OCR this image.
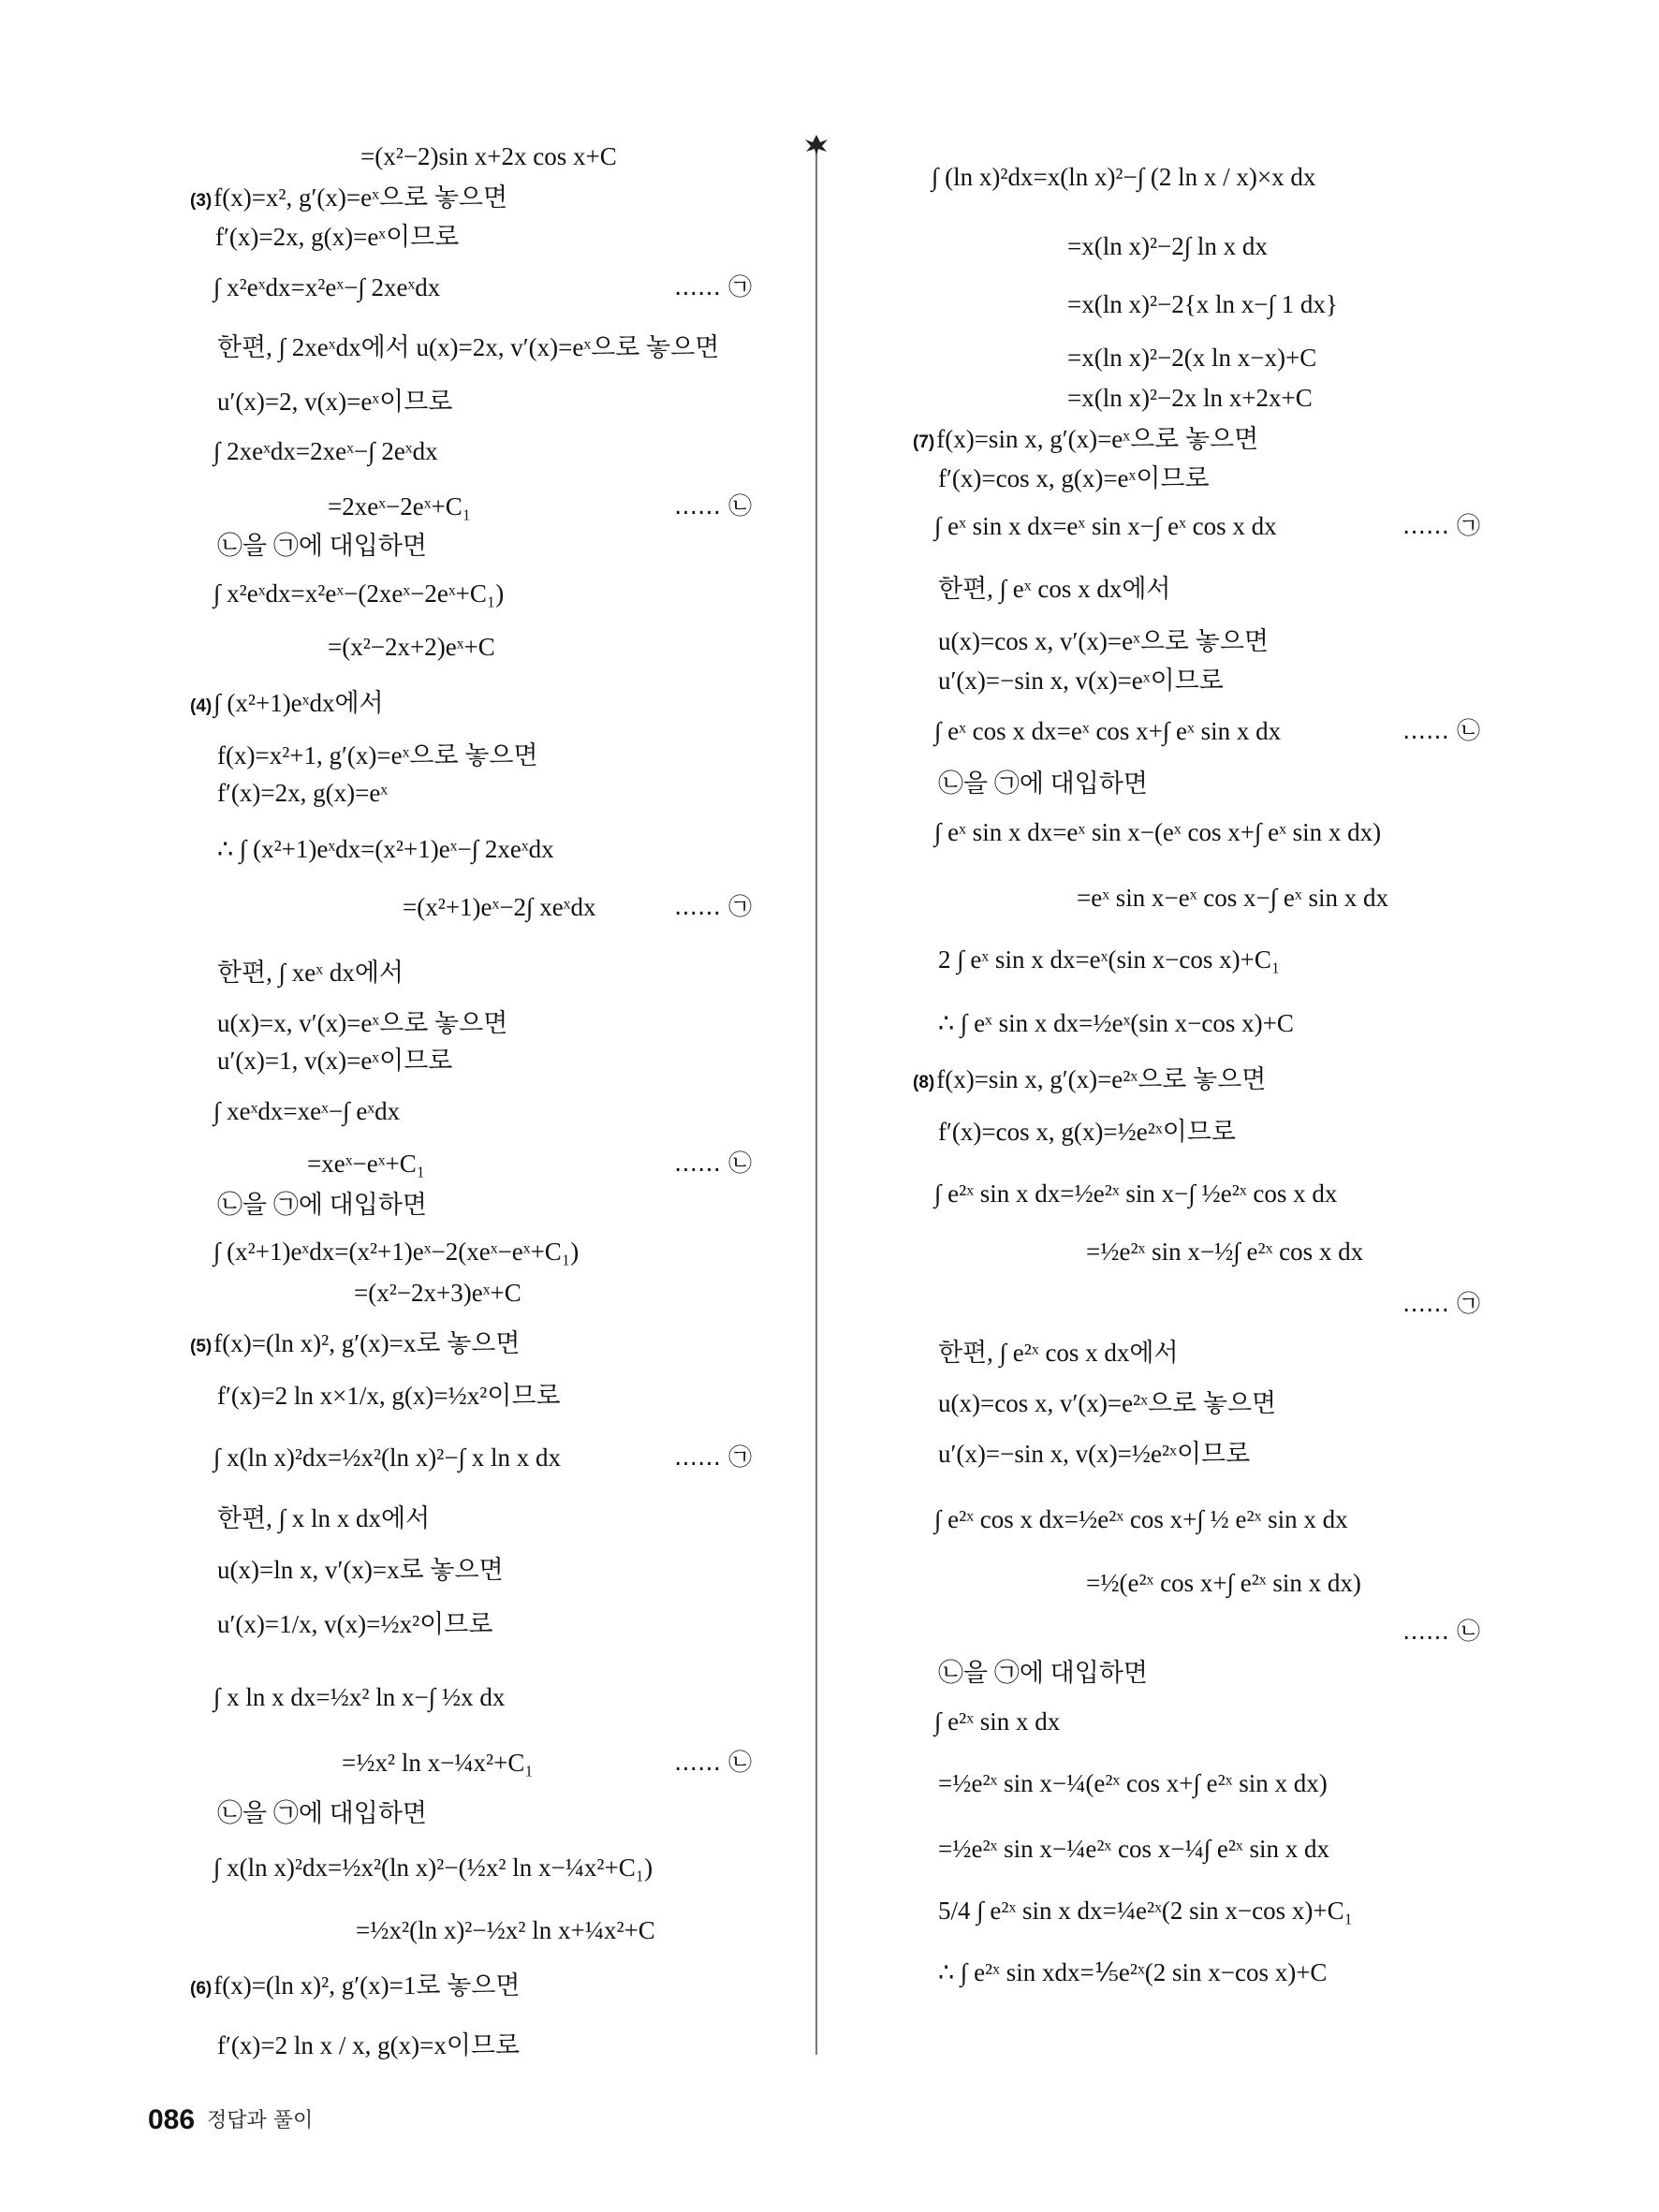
=(x²−2)sin x+2x cos x+C
(3)f(x)=x², g′(x)=eˣ으로 놓으면
f′(x)=2x, g(x)=eˣ이므로
∫ x²eˣdx=x²eˣ−∫ 2xeˣdx	…… ㉠
한편, ∫ 2xeˣdx에서 u(x)=2x, v′(x)=eˣ으로 놓으면
u′(x)=2, v(x)=eˣ이므로
∫ 2xeˣdx=2xeˣ−∫ 2eˣdx
=2xeˣ−2eˣ+C₁	…… ㉡
㉡을 ㉠에 대입하면
∫ x²eˣdx=x²eˣ−(2xeˣ−2eˣ+C₁)
=(x²−2x+2)eˣ+C
(4)∫ (x²+1)eˣdx에서
f(x)=x²+1, g′(x)=eˣ으로 놓으면
f′(x)=2x, g(x)=eˣ
∴ ∫ (x²+1)eˣdx=(x²+1)eˣ−∫ 2xeˣdx
=(x²+1)eˣ−2∫ xeˣdx	…… ㉠
한편, ∫ xeˣ dx에서
u(x)=x, v′(x)=eˣ으로 놓으면
u′(x)=1, v(x)=eˣ이므로
∫ xeˣdx=xeˣ−∫ eˣdx
=xeˣ−eˣ+C₁	…… ㉡
㉡을 ㉠에 대입하면
∫ (x²+1)eˣdx=(x²+1)eˣ−2(xeˣ−eˣ+C₁)
=(x²−2x+3)eˣ+C
(5)f(x)=(ln x)², g′(x)=x로 놓으면
f′(x)=2 ln x×1/x, g(x)=½x²이므로
∫ x(ln x)²dx=½x²(ln x)²−∫ x ln x dx	…… ㉠
한편, ∫ x ln x dx에서
u(x)=ln x, v′(x)=x로 놓으면
u′(x)=1/x, v(x)=½x²이므로
∫ x ln x dx=½x² ln x−∫ ½x dx
=½x² ln x−¼x²+C₁	…… ㉡
㉡을 ㉠에 대입하면
∫ x(ln x)²dx=½x²(ln x)²−(½x² ln x−¼x²+C₁)
=½x²(ln x)²−½x² ln x+¼x²+C
(6)f(x)=(ln x)², g′(x)=1로 놓으면
f′(x)=2 ln x / x, g(x)=x이므로
∫ (ln x)²dx=x(ln x)²−∫ (2 ln x / x)×x dx
=x(ln x)²−2∫ ln x dx
=x(ln x)²−2{x ln x−∫ 1 dx}
=x(ln x)²−2(x ln x−x)+C
=x(ln x)²−2x ln x+2x+C
(7)f(x)=sin x, g′(x)=eˣ으로 놓으면
f′(x)=cos x, g(x)=eˣ이므로
∫ eˣ sin x dx=eˣ sin x−∫ eˣ cos x dx	…… ㉠
한편, ∫ eˣ cos x dx에서
u(x)=cos x, v′(x)=eˣ으로 놓으면
u′(x)=−sin x, v(x)=eˣ이므로
∫ eˣ cos x dx=eˣ cos x+∫ eˣ sin x dx	…… ㉡
㉡을 ㉠에 대입하면
∫ eˣ sin x dx=eˣ sin x−(eˣ cos x+∫ eˣ sin x dx)
=eˣ sin x−eˣ cos x−∫ eˣ sin x dx
2 ∫ eˣ sin x dx=eˣ(sin x−cos x)+C₁
∴ ∫ eˣ sin x dx=½eˣ(sin x−cos x)+C
(8)f(x)=sin x, g′(x)=e²ˣ으로 놓으면
f′(x)=cos x, g(x)=½e²ˣ이므로
∫ e²ˣ sin x dx=½e²ˣ sin x−∫ ½e²ˣ cos x dx
=½e²ˣ sin x−½∫ e²ˣ cos x dx
…… ㉠
한편, ∫ e²ˣ cos x dx에서
u(x)=cos x, v′(x)=e²ˣ으로 놓으면
u′(x)=−sin x, v(x)=½e²ˣ이므로
∫ e²ˣ cos x dx=½e²ˣ cos x+∫ ½ e²ˣ sin x dx
=½(e²ˣ cos x+∫ e²ˣ sin x dx)
…… ㉡
㉡을 ㉠에 대입하면
∫ e²ˣ sin x dx
=½e²ˣ sin x−¼(e²ˣ cos x+∫ e²ˣ sin x dx)
=½e²ˣ sin x−¼e²ˣ cos x−¼∫ e²ˣ sin x dx
5/4 ∫ e²ˣ sin x dx=¼e²ˣ(2 sin x−cos x)+C₁
∴ ∫ e²ˣ sin xdx=⅕e²ˣ(2 sin x−cos x)+C
086 정답과 풀이
